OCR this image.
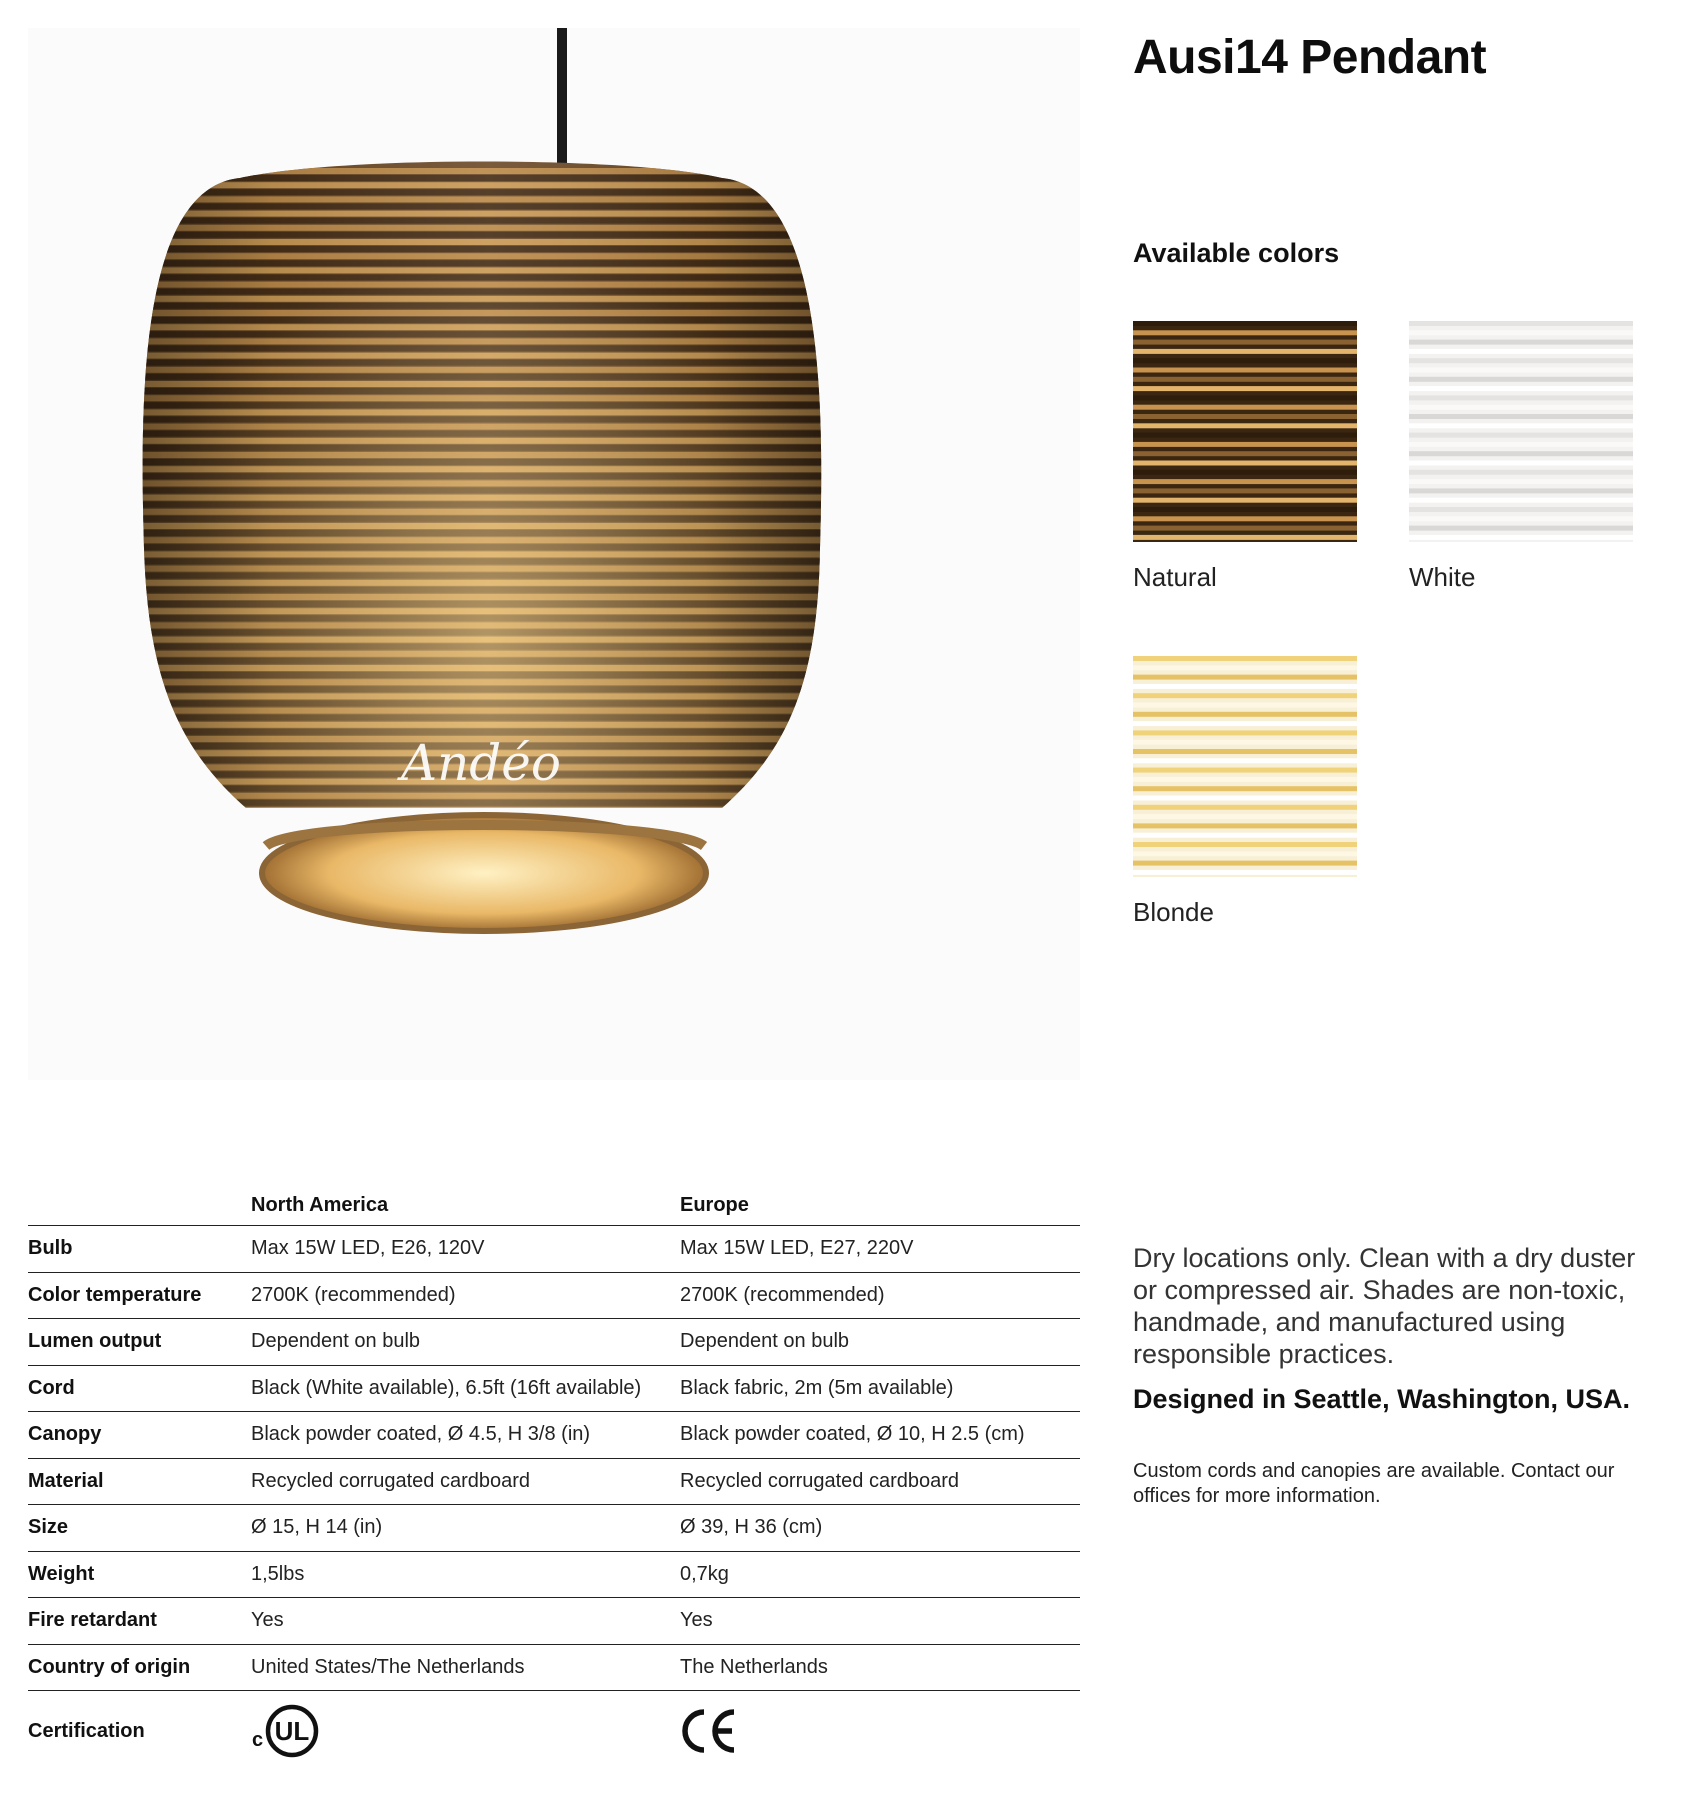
Andéo
Ausi14 Pendant
Available colors
Natural	White
Blonde
	North America	Europe
Bulb	Max 15W LED, E26, 120V	Max 15W LED, E27, 220V
Color temperature	2700K (recommended)	2700K (recommended)
Lumen output	Dependent on bulb	Dependent on bulb
Cord	Black (White available), 6.5ft (16ft available)	Black fabric, 2m (5m available)
Canopy	Black powder coated, Ø 4.5, H 3/8 (in)	Black powder coated, Ø 10, H 2.5 (cm)
Material	Recycled corrugated cardboard	Recycled corrugated cardboard
Size	Ø 15, H 14 (in)	Ø 39, H 36 (cm)
Weight	1,5lbs	0,7kg
Fire retardant	Yes	Yes
Country of origin	United States/The Netherlands	The Netherlands
Certification	c UL

Dry locations only. Clean with a dry duster or compressed air. Shades are non-toxic, handmade, and manufactured using responsible practices.

Designed in Seattle, Washington, USA.

Custom cords and canopies are available. Contact our offices for more information.
